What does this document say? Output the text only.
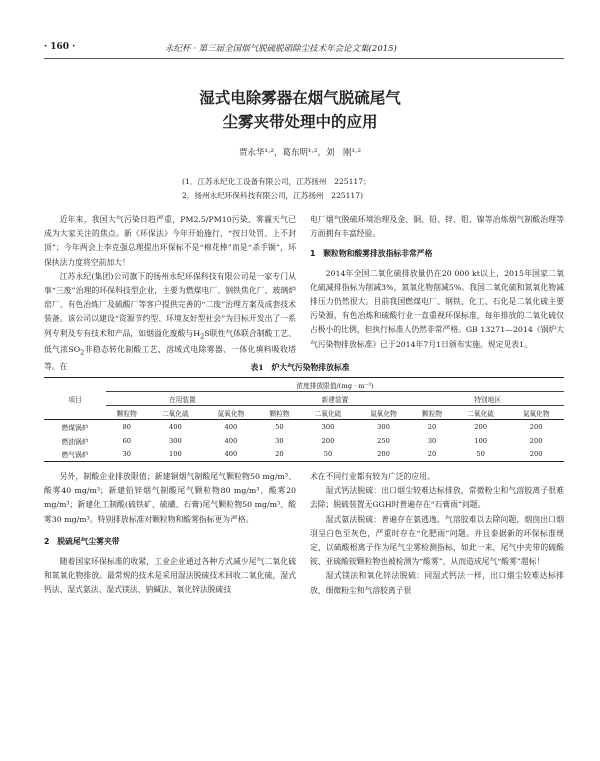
· 160 ·	永纪杯 · 第三届全国烟气脱硫脱硝除尘技术年会论文集(2015)
湿式电除雾器在烟气脱硫尾气
尘雾夹带处理中的应用
贾永华¹·²，葛东明¹·²，刘　刚¹·²
(1．江苏永纪化工设备有限公司，江苏扬州　225117；
2．扬州永纪环保科技有限公司，江苏扬州　225117)

近年来，我国大气污染日趋严重，PM2.5/PM10污染、雾霾天气已成为大家关注的焦点。新《环保法》今年开始施行，“按日处罚、上不封顶”；今年两会上李克强总理提出环保标不是“棉花棒”而是“杀手锏”，环保执法力度将空前加大！

江苏永纪(集团)公司旗下的扬州永纪环保科技有限公司是一家专门从事“三废”治理的环保科技型企业，主要为燃煤电厂、钢铁焦化厂、玻璃炉窑厂、有色冶炼厂及硫酸厂等客户提供完善的“二废”治理方案及成套技术装备。该公司以建设“资源节约型、环境友好型社会”为目标开发出了一系列专利及专有技术和产品，如烟溢化废酸与$H_2S$联性气体联合制酸工艺、低气浓$SO_2$非稳态转化制酸工艺、溶域式电除雾器、一体化填料吸收塔等。在

电厂烟气脱硫环境治理及金、铜、铅、锌、钼、镍等冶炼烟气制酸治理等方面拥有丰富经验。

1　颗粒物和酸雾排放指标非常严格

2014年全国二氧化硫排放量仍在20 000 kt以上，2015年国家二氧化硫减排指标为削减3%，氮氧化物削减5%。我国二氧化硫和氮氧化物减排压力仍然很大。目前我国燃煤电厂、钢铁、化工、石化是二氧化硫主要污染源，有色冶炼和硫酸行业一直重视环保标准，每年排放的二氧化硫仅占极小的比例，但执行标准人仍然非常严格。GB 13271—2014《锅炉大气污染物排放标准》已于2014年7月1日颁布实施。规定见表1。

表1　炉大气污染物排放标准
项目	浓度排放限值/(mg · m⁻³)								
	在用装置			新建装置			特别地区		
	颗粒物	二氧化硫	氮氧化物	颗粒物	二氧化硫	氮氧化物	颗粒物	二氧化硫	氮氧化物
燃煤锅炉	80	400	400	50	300	300	20	200	200
燃油锅炉	60	300	400	30	200	250	30	100	200
燃气锅炉	30	100	400	20	50	200	20	50	200

另外，制酸企业排放限值；新建铜烟气制酸尾气颗粒物50 mg/m³、酸雾40 mg/m³；新建铅锌烟气制酸尾气颗粒物80 mg/m³、酸雾20 mg/m³；新建化工制酸(硫铁矿、硫磺、石膏)尾气颗粒物50 mg/m³、酸雾30 mg/m³。特别排放标准对颗粒物和酸雾指标更为严格。

2　脱硫尾气尘雾夹带

随着国家环保标准的收紧，工业企业通过各种方式减少尾气二氧化硫和氮氧化物排放。最常规的技术是采用湿法脱硫技术回收二氧化硫，湿式钙法、湿式氨法、湿式镁法、钠碱法、氧化锌法脱硫技

术在不同行业都有较为广泛的应用。

湿式钙法脱硫：出口烟尘较难达标排放，常微粉尘和气溶胶离子很难去除；脱硫装置无GGH时普遍存在“石膏雨”问题。

湿式氨法脱硫：普遍存在氨逃逸、气溶胶难以去除问题，烟囱出口烟羽呈白色至灰色，严重时存在“化肥雨”问题。并且泰据新的环保标准规定，以硫酸根离子作为尾气尘雾检测指标，如此一来，尾气中夹带的硫酸铵、亚硫酸铵颗粒物也被检测为“酸雾”，从而造成尾气“酸雾”超标！

湿式镁法和氧化锌法脱硫：同湿式钙法一样，出口烟尘较难达标排放，细微粉尘和气溶胶离子很
